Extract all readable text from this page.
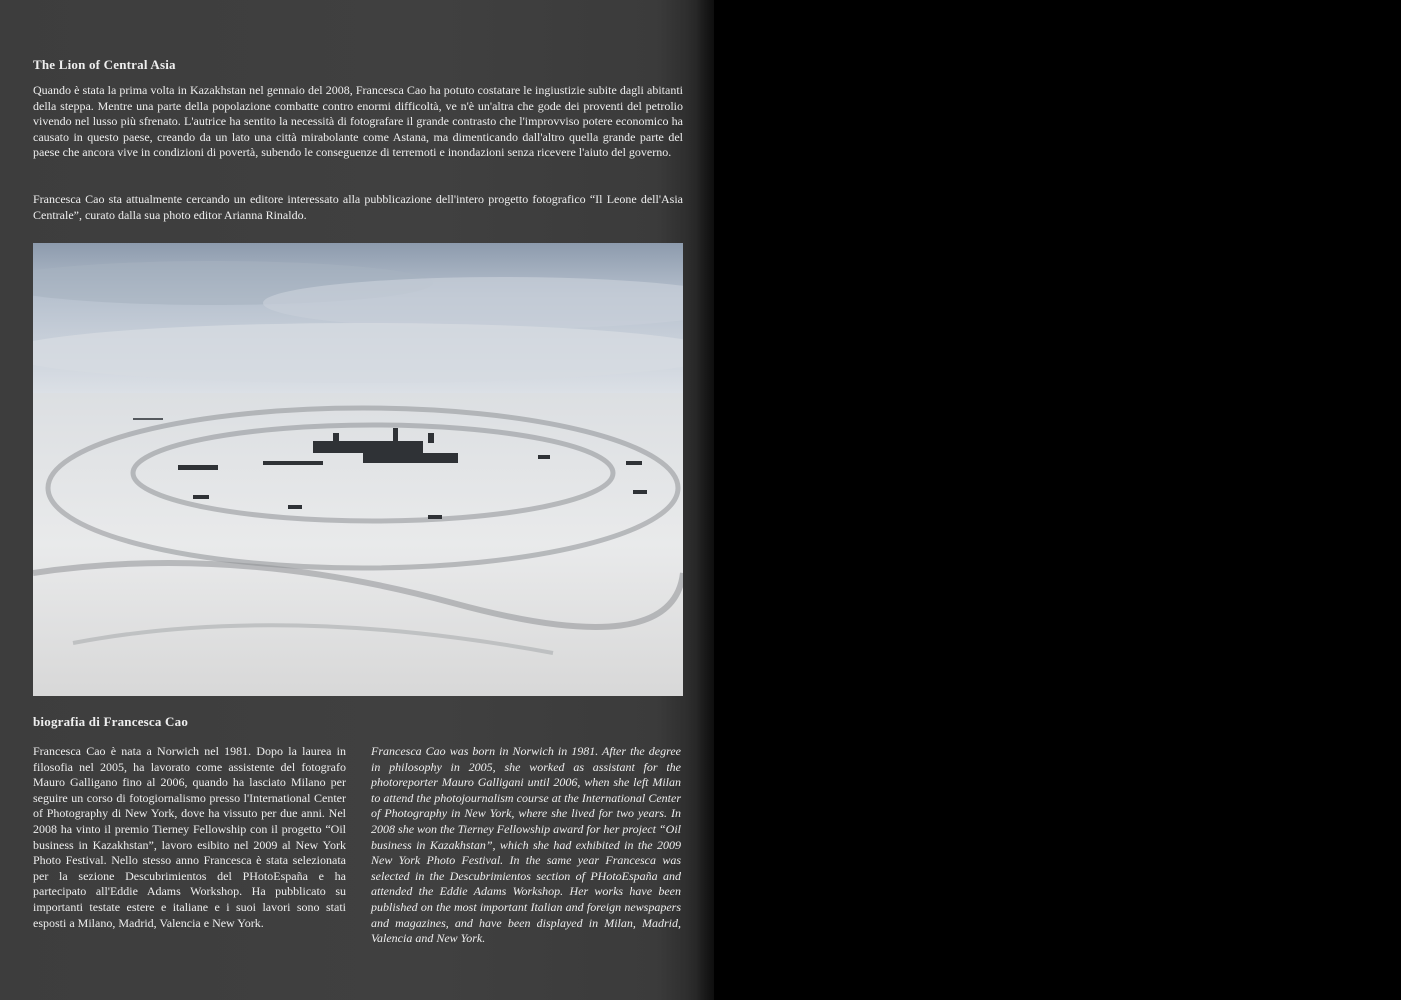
The Lion of Central Asia

Quando è stata la prima volta in Kazakhstan nel gennaio del 2008, Francesca Cao ha potuto costatare le ingiustizie subite dagli abitanti della steppa. Mentre una parte della popolazione combatte contro enormi difficoltà, ve n'è un'altra che gode dei proventi del petrolio vivendo nel lusso più sfrenato. L'autrice ha sentito la necessità di fotografare il grande contrasto che l'improvviso potere economico ha causato in questo paese, creando da un lato una città mirabolante come Astana, ma dimenticando dall'altro quella grande parte del paese che ancora vive in condizioni di povertà, subendo le conseguenze di terremoti e inondazioni senza ricevere l'aiuto del governo.

Francesca Cao sta attualmente cercando un editore interessato alla pubblicazione dell'intero progetto fotografico “Il Leone dell'Asia Centrale”, curato dalla sua photo editor Arianna Rinaldo.

biografia di Francesca Cao

Francesca Cao è nata a Norwich nel 1981. Dopo la laurea in filosofia nel 2005, ha lavorato come assistente del fotografo Mauro Galligano fino al 2006, quando ha lasciato Milano per seguire un corso di fotogiornalismo presso l'International Center of Photography di New York, dove ha vissuto per due anni. Nel 2008 ha vinto il premio Tierney Fellowship con il progetto “Oil business in Kazakhstan”, lavoro esibito nel 2009 al New York Photo Festival. Nello stesso anno Francesca è stata selezionata per la sezione Descubrimientos del PHotoEspaña e ha partecipato all'Eddie Adams Workshop. Ha pubblicato su importanti testate estere e italiane e i suoi lavori sono stati esposti a Milano, Madrid, Valencia e New York.

Francesca Cao was born in Norwich in 1981. After the degree in philosophy in 2005, she worked as assistant for the photoreporter Mauro Galligani until 2006, when she left Milan to attend the photojournalism course at the International Center of Photography in New York, where she lived for two years. In 2008 she won the Tierney Fellowship award for her project “Oil business in Kazakhstan”, which she had exhibited in the 2009 New York Photo Festival. In the same year Francesca was selected in the Descubrimientos section of PHotoEspaña and attended the Eddie Adams Workshop. Her works have been published on the most important Italian and foreign newspapers and magazines, and have been displayed in Milan, Madrid, Valencia and New York.
